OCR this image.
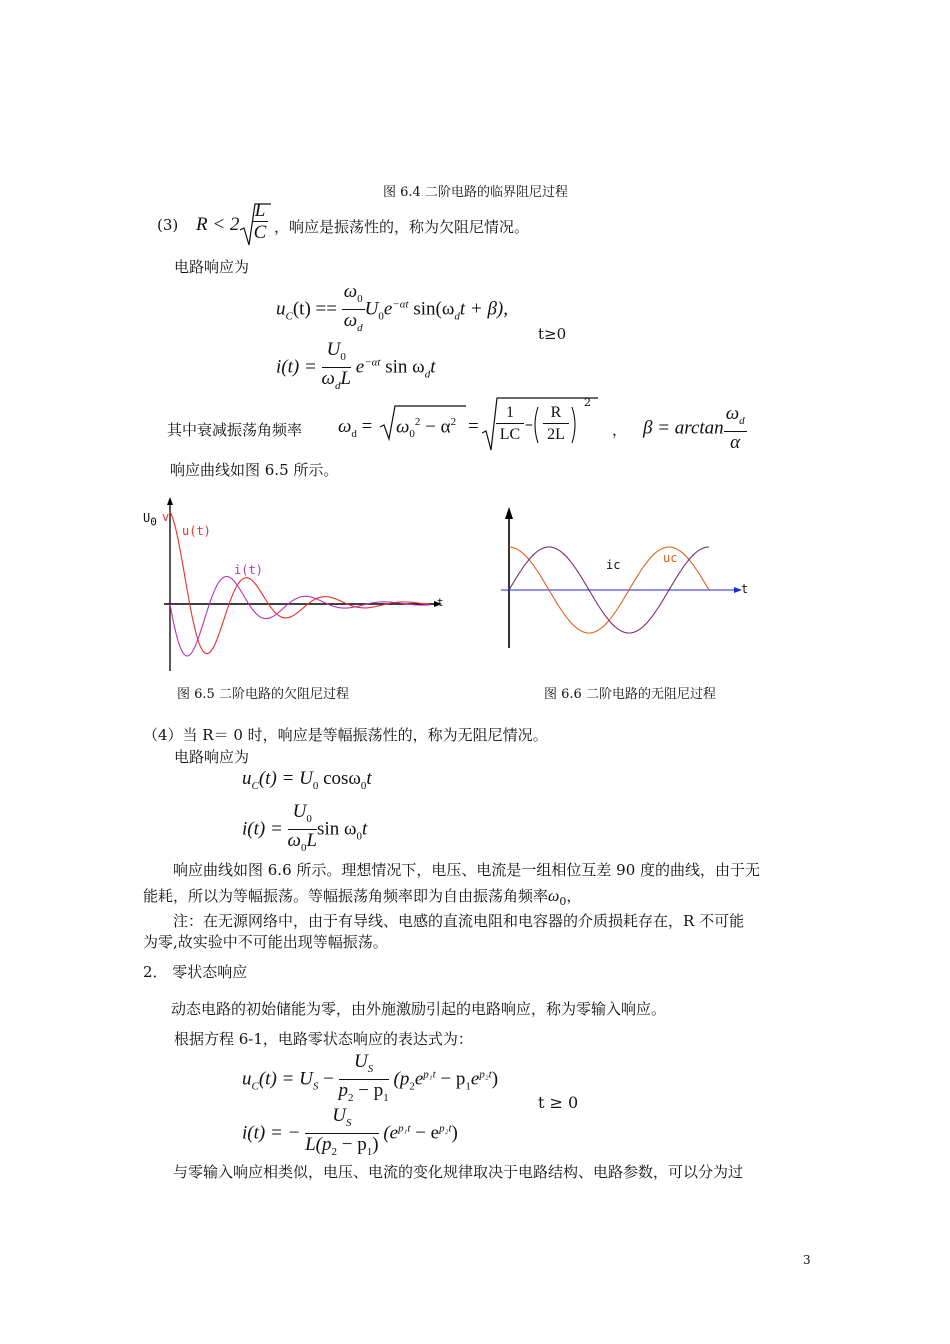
图 6.4 二阶电路的临界阻尼过程
(3) R < 2
L
C ，响应是振荡性的，称为欠阻尼情况。
电路响应为
$u_C(t) == \frac{\omega_0}{\omega_d} U_0e^{-\alpha t}$ $\sin(\omega_dt + \beta)$,
t≥0
$i(t) = \frac{U_0}{\omega_dL} e^{-\alpha t}$ $\sin \omega_dt$
其中衰减振荡角频率 $\omega_d = \omega_0^2 - \alpha^2$ =
1
LC
–
R
2L
2
， $\beta = \arctan \frac{\omega_d}{\alpha}$
响应曲线如图 6.5 所示。
$U_0$ v
u(t)
i(t)
t
图 6.5 二阶电路的欠阻尼过程
ic	uc
t
图 6.6 二阶电路的无阻尼过程
（4）当 R＝ 0 时，响应是等幅振荡性的，称为无阻尼情况。
电路响应为
$u_C(t) = U_0$ cosω$_0$t
$i(t) = \frac{U_0}{\omega_0L}$ $\sin \omega_0t$
响应曲线如图 6.6 所示。理想情况下，电压、电流是一组相位互差 90 度的曲线，由于无
能耗，所以为等幅振荡。等幅振荡角频率即为自由振荡角频率$\omega_0$，
注：在无源网络中，由于有导线、电感的直流电阻和电容器的介质损耗存在，R 不可能
为零,故实验中不可能出现等幅振荡。
2． 零状态响应
动态电路的初始储能为零，由外施激励引起的电路响应，称为零输入响应。
根据方程 6-1，电路零状态响应的表达式为：
$u_C(t) = U_S - \frac{U_S}{p_2 - p_1} (p_2e^{p_1t} - p_1e^{p_2t})$
t ≥ 0
i(t) = − $\frac{U_S}{L(p_2 - p_1)} (e^{p_1t} - e^{p_2t})$
与零输入响应相类似，电压、电流的变化规律取决于电路结构、电路参数，可以分为过
3
